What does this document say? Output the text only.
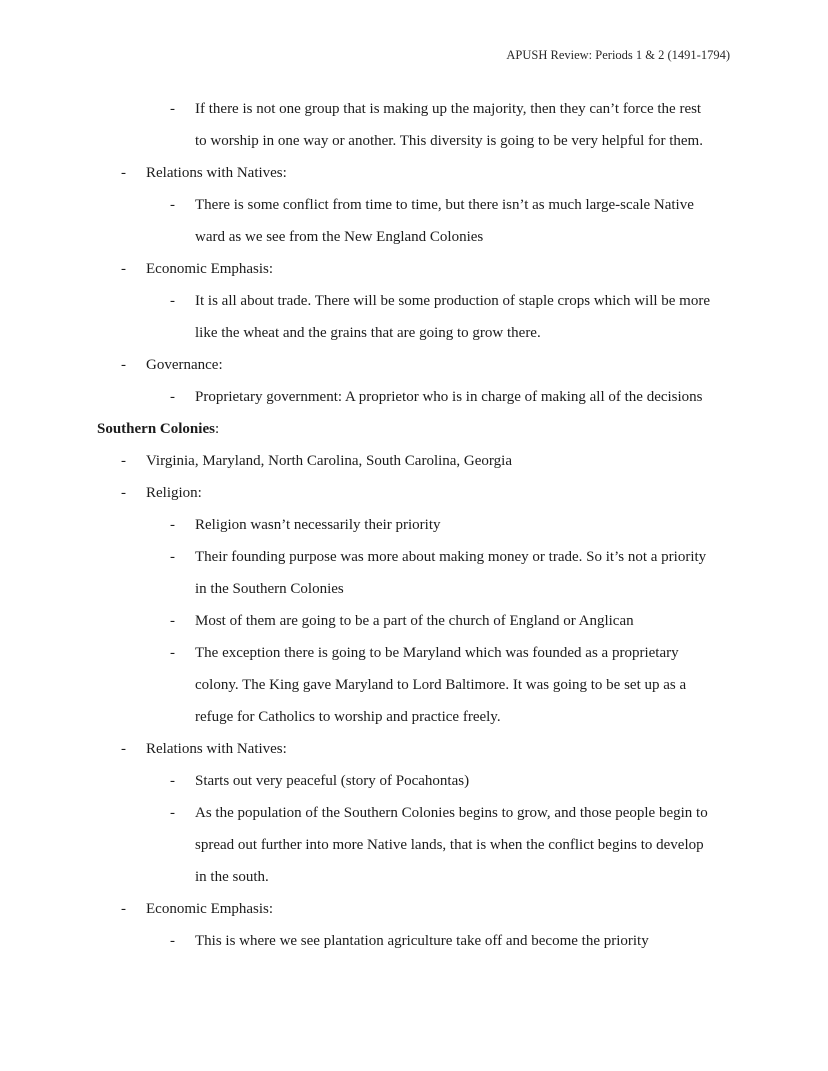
APUSH Review: Periods 1 & 2 (1491-1794)
- If there is not one group that is making up the majority, then they can’t force the rest
to worship in one way or another. This diversity is going to be very helpful for them.
- Relations with Natives:
- There is some conflict from time to time, but there isn’t as much large-scale Native
ward as we see from the New England Colonies
- Economic Emphasis:
- It is all about trade. There will be some production of staple crops which will be more
like the wheat and the grains that are going to grow there.
- Governance:
- Proprietary government: A proprietor who is in charge of making all of the decisions
Southern Colonies:
- Virginia, Maryland, North Carolina, South Carolina, Georgia
- Religion:
- Religion wasn’t necessarily their priority
- Their founding purpose was more about making money or trade. So it’s not a priority
in the Southern Colonies
- Most of them are going to be a part of the church of England or Anglican
- The exception there is going to be Maryland which was founded as a proprietary
colony. The King gave Maryland to Lord Baltimore. It was going to be set up as a
refuge for Catholics to worship and practice freely.
- Relations with Natives:
- Starts out very peaceful (story of Pocahontas)
- As the population of the Southern Colonies begins to grow, and those people begin to
spread out further into more Native lands, that is when the conflict begins to develop
in the south.
- Economic Emphasis:
- This is where we see plantation agriculture take off and become the priority
